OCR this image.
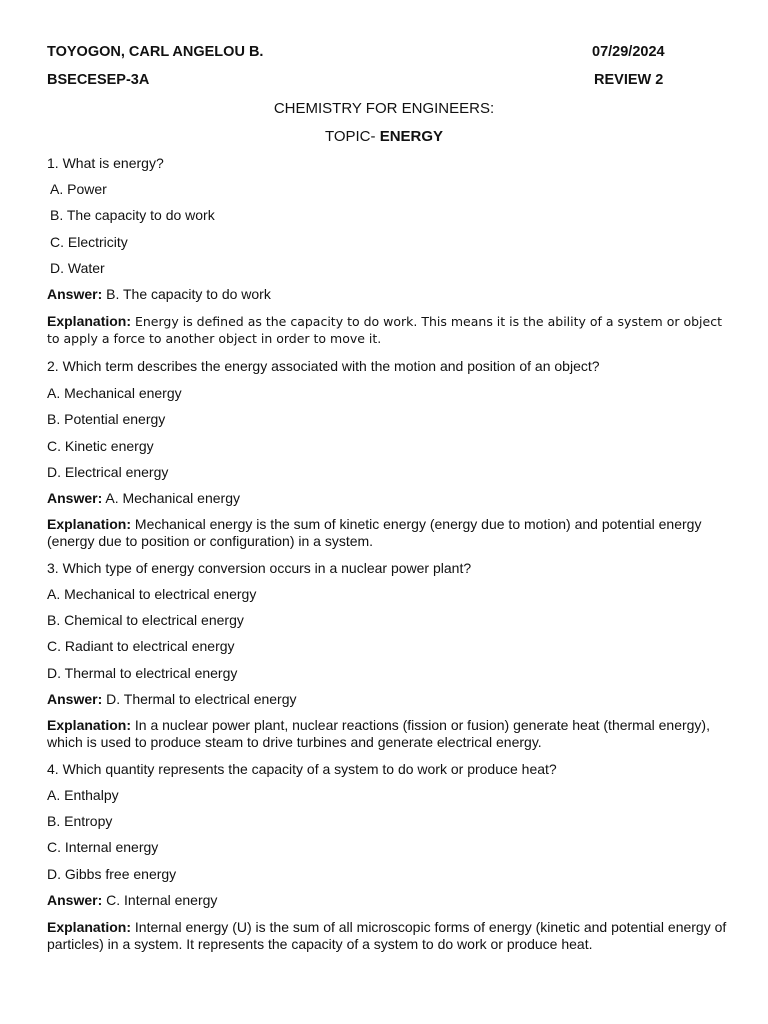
TOYOGON, CARL ANGELOU B.	07/29/2024
BSECESEP-3A	REVIEW 2
CHEMISTRY FOR ENGINEERS:
TOPIC- ENERGY
1. What is energy?
A. Power
B. The capacity to do work
C. Electricity
D. Water
Answer: B. The capacity to do work
Explanation: Energy is defined as the capacity to do work. This means it is the ability of a system or object to apply a force to another object in order to move it.
2. Which term describes the energy associated with the motion and position of an object?
A. Mechanical energy
B. Potential energy
C. Kinetic energy
D. Electrical energy
Answer: A. Mechanical energy
Explanation: Mechanical energy is the sum of kinetic energy (energy due to motion) and potential energy (energy due to position or configuration) in a system.
3. Which type of energy conversion occurs in a nuclear power plant?
A. Mechanical to electrical energy
B. Chemical to electrical energy
C. Radiant to electrical energy
D. Thermal to electrical energy
Answer: D. Thermal to electrical energy
Explanation: In a nuclear power plant, nuclear reactions (fission or fusion) generate heat (thermal energy), which is used to produce steam to drive turbines and generate electrical energy.
4. Which quantity represents the capacity of a system to do work or produce heat?
A. Enthalpy
B. Entropy
C. Internal energy
D. Gibbs free energy
Answer: C. Internal energy
Explanation: Internal energy (U) is the sum of all microscopic forms of energy (kinetic and potential energy of particles) in a system. It represents the capacity of a system to do work or produce heat.
